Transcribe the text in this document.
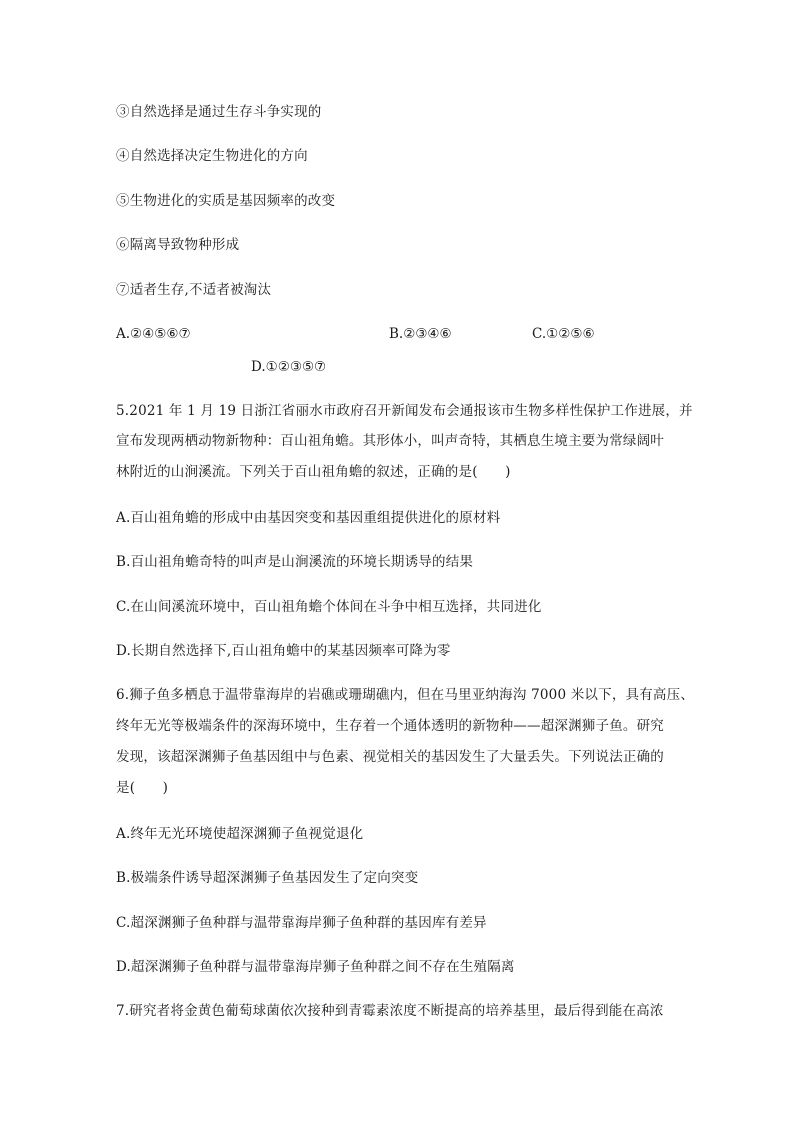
③自然选择是通过生存斗争实现的
④自然选择决定生物进化的方向
⑤生物进化的实质是基因频率的改变
⑥隔离导致物种形成
⑦适者生存,不适者被淘汰
A.②④⑤⑥⑦	B.②③④⑥	C.①②⑤⑥
D.①②③⑤⑦
5.2021 年 1 月 19 日浙江省丽水市政府召开新闻发布会通报该市生物多样性保护工作进展，并
宣布发现两栖动物新物种：百山祖角蟾。其形体小，叫声奇特，其栖息生境主要为常绿阔叶
林附近的山涧溪流。下列关于百山祖角蟾的叙述，正确的是(　　)
A.百山祖角蟾的形成中由基因突变和基因重组提供进化的原材料
B.百山祖角蟾奇特的叫声是山涧溪流的环境长期诱导的结果
C.在山间溪流环境中，百山祖角蟾个体间在斗争中相互选择，共同进化
D.长期自然选择下,百山祖角蟾中的某基因频率可降为零
6.狮子鱼多栖息于温带靠海岸的岩礁或珊瑚礁内，但在马里亚纳海沟 7000 米以下，具有高压、
终年无光等极端条件的深海环境中，生存着一个通体透明的新物种——超深渊狮子鱼。研究
发现，该超深渊狮子鱼基因组中与色素、视觉相关的基因发生了大量丢失。下列说法正确的
是(　　)
A.终年无光环境使超深渊狮子鱼视觉退化
B.极端条件诱导超深渊狮子鱼基因发生了定向突变
C.超深渊狮子鱼种群与温带靠海岸狮子鱼种群的基因库有差异
D.超深渊狮子鱼种群与温带靠海岸狮子鱼种群之间不存在生殖隔离
7.研究者将金黄色葡萄球菌依次接种到青霉素浓度不断提高的培养基里，最后得到能在高浓
